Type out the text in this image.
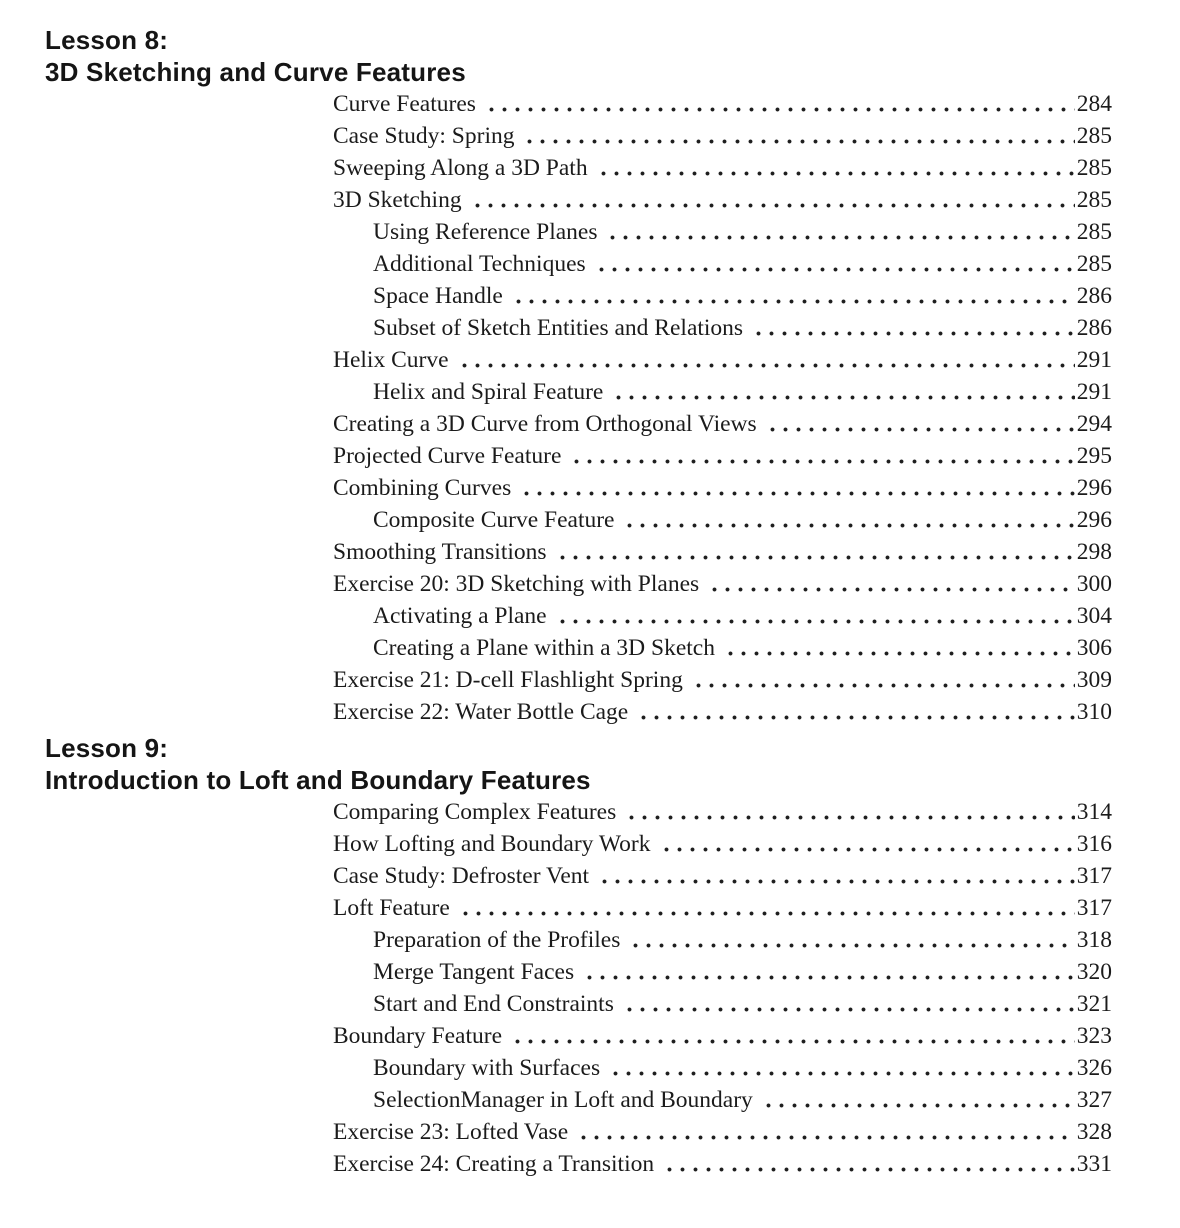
Lesson 8:
3D Sketching and Curve Features
Curve Features	284
Case Study: Spring	285
Sweeping Along a 3D Path	285
3D Sketching	285
Using Reference Planes	285
Additional Techniques	285
Space Handle	286
Subset of Sketch Entities and Relations	286
Helix Curve	291
Helix and Spiral Feature	291
Creating a 3D Curve from Orthogonal Views	294
Projected Curve Feature	295
Combining Curves	296
Composite Curve Feature	296
Smoothing Transitions	298
Exercise 20: 3D Sketching with Planes	300
Activating a Plane	304
Creating a Plane within a 3D Sketch	306
Exercise 21: D-cell Flashlight Spring	309
Exercise 22: Water Bottle Cage	310
Lesson 9:
Introduction to Loft and Boundary Features
Comparing Complex Features	314
How Lofting and Boundary Work	316
Case Study: Defroster Vent	317
Loft Feature	317
Preparation of the Profiles	318
Merge Tangent Faces	320
Start and End Constraints	321
Boundary Feature	323
Boundary with Surfaces	326
SelectionManager in Loft and Boundary	327
Exercise 23: Lofted Vase	328
Exercise 24: Creating a Transition	331
